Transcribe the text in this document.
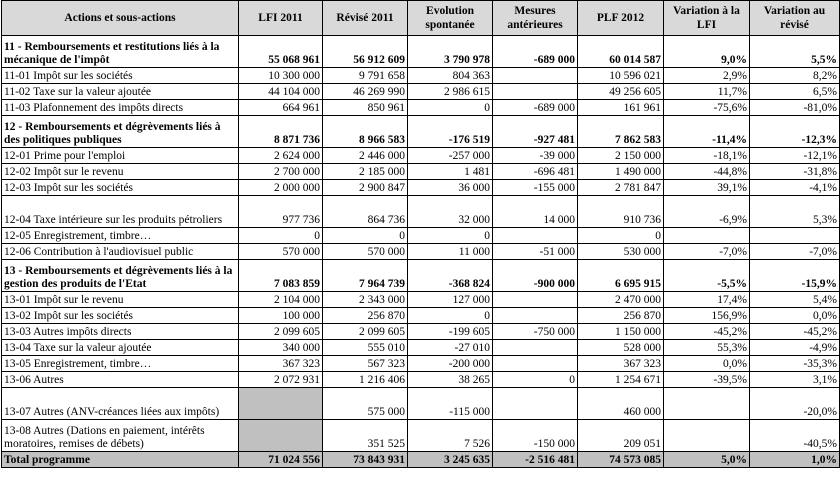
Actions et sous-actions	LFI 2011	Révisé 2011	Evolution spontanée	Mesures antérieures	PLF 2012	Variation à la LFI	Variation au révisé
11 - Remboursements et restitutions liés à la mécanique de l'impôt	55 068 961	56 912 609	3 790 978	-689 000	60 014 587	9,0%	5,5%
11-01 Impôt sur les sociétés	10 300 000	9 791 658	804 363		10 596 021	2,9%	8,2%
11-02 Taxe sur la valeur ajoutée	44 104 000	46 269 990	2 986 615		49 256 605	11,7%	6,5%
11-03 Plafonnement des impôts directs	664 961	850 961	0	-689 000	161 961	-75,6%	-81,0%
12 - Remboursements et dégrèvements liés à des politiques publiques	8 871 736	8 966 583	-176 519	-927 481	7 862 583	-11,4%	-12,3%
12-01 Prime pour l'emploi	2 624 000	2 446 000	-257 000	-39 000	2 150 000	-18,1%	-12,1%
12-02 Impôt sur le revenu	2 700 000	2 185 000	1 481	-696 481	1 490 000	-44,8%	-31,8%
12-03 Impôt sur les sociétés	2 000 000	2 900 847	36 000	-155 000	2 781 847	39,1%	-4,1%
12-04 Taxe intérieure sur les produits pétroliers	977 736	864 736	32 000	14 000	910 736	-6,9%	5,3%
12-05 Enregistrement, timbre…	0	0	0		0		
12-06 Contribution à l'audiovisuel public	570 000	570 000	11 000	-51 000	530 000	-7,0%	-7,0%
13 - Remboursements et dégrèvements liés à la gestion des produits de l'Etat	7 083 859	7 964 739	-368 824	-900 000	6 695 915	-5,5%	-15,9%
13-01 Impôt sur le revenu	2 104 000	2 343 000	127 000		2 470 000	17,4%	5,4%
13-02 Impôt sur les sociétés	100 000	256 870	0		256 870	156,9%	0,0%
13-03 Autres impôts directs	2 099 605	2 099 605	-199 605	-750 000	1 150 000	-45,2%	-45,2%
13-04 Taxe sur la valeur ajoutée	340 000	555 010	-27 010		528 000	55,3%	-4,9%
13-05 Enregistrement, timbre…	367 323	567 323	-200 000		367 323	0,0%	-35,3%
13-06 Autres	2 072 931	1 216 406	38 265	0	1 254 671	-39,5%	3,1%
13-07 Autres (ANV-créances liées aux impôts)		575 000	-115 000		460 000		-20,0%
13-08 Autres (Dations en paiement, intérêts moratoires, remises de débets)		351 525	7 526	-150 000	209 051		-40,5%
Total programme	71 024 556	73 843 931	3 245 635	-2 516 481	74 573 085	5,0%	1,0%
